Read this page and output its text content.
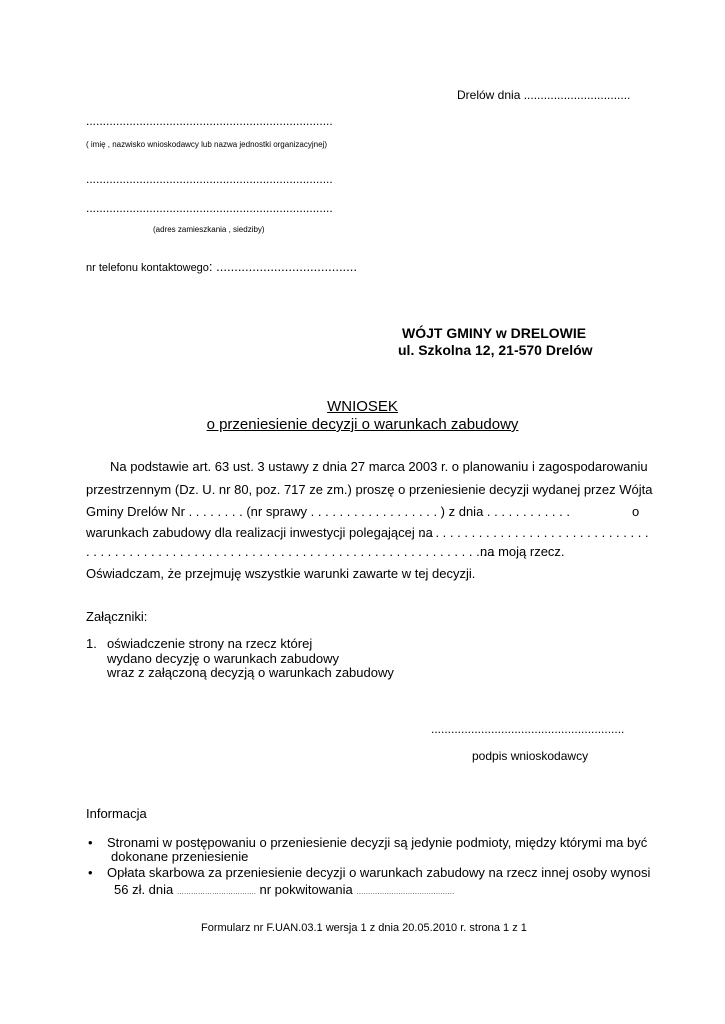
Drelów dnia ................................
..........................................................................
( imię , nazwisko wnioskodawcy lub nazwa jednostki organizacyjnej)
..........................................................................
..........................................................................
(adres zamieszkania , siedziby)
nr telefonu kontaktowego: .......................................
WÓJT GMINY w DRELOWIE
ul. Szkolna 12, 21-570 Drelów
WNIOSEK
o przeniesienie decyzji o warunkach zabudowy
Na podstawie art. 63 ust. 3 ustawy z dnia 27 marca 2003 r. o planowaniu i zagospodarowaniu
przestrzennym (Dz. U. nr 80, poz. 717 ze zm.) proszę o przeniesienie decyzji wydanej przez Wójta
Gminy Drelów Nr . . . . . . . . (nr sprawy . . . . . . . . . . . . . . . . . . ) z dnia . . . . . . . . . . . .	o
warunkach zabudowy dla realizacji inwestycji polegającej na
. . . . . . . . . . . . . . . . . . . . . . . . . . . . . . . .
. . . . . . . . . . . . . . . . . . . . . . . . . . . . . . . . . . . . . . . . . . . . . . . . . . . . . . . . . .
na moją rzecz.
Oświadczam, że przejmuję wszystkie warunki zawarte w tej decyzji.
Załączniki:
1. oświadczenie strony na rzecz której
wydano decyzję o warunkach zabudowy
wraz z załączoną decyzją o warunkach zabudowy
..........................................................
podpis wnioskodawcy
Informacja
• Stronami w postępowaniu o przeniesienie decyzji są jedynie podmioty, między którymi ma być
dokonane przeniesienie
• Opłata skarbowa za przeniesienie decyzji o warunkach zabudowy na rzecz innej osoby wynosi
56 zł. dnia ……………………………. nr pokwitowania ……………………………………
Formularz nr F.UAN.03.1 wersja 1 z dnia 20.05.2010 r. strona 1 z 1
